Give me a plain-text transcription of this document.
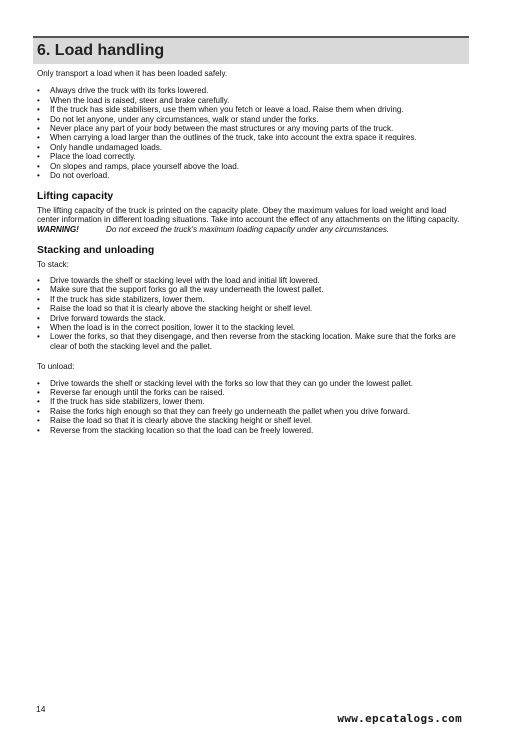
6. Load handling

Only transport a load when it has been loaded safely.

• Always drive the truck with its forks lowered.
• When the load is raised, steer and brake carefully.
• If the truck has side stabilisers, use them when you fetch or leave a load. Raise them when driving.
• Do not let anyone, under any circumstances, walk or stand under the forks.
• Never place any part of your body between the mast structures or any moving parts of the truck.
• When carrying a load larger than the outlines of the truck, take into account the extra space it requires.
• Only handle undamaged loads.
• Place the load correctly.
• On slopes and ramps, place yourself above the load.
• Do not overload.
Lifting capacity

The lifting capacity of the truck is printed on the capacity plate. Obey the maximum values for load weight and load center information in different loading situations. Take into account the effect of any attachments on the lifting capacity.

WARNING!	Do not exceed the truck's maximum loading capacity under any circumstances.
Stacking and unloading

To stack:

• Drive towards the shelf or stacking level with the load and initial lift lowered.
• Make sure that the support forks go all the way underneath the lowest pallet.
• If the truck has side stabilizers, lower them.
• Raise the load so that it is clearly above the stacking height or shelf level.
• Drive forward towards the stack.
• When the load is in the correct position, lower it to the stacking level.
• Lower the forks, so that they disengage, and then reverse from the stacking location. Make sure that the forks are clear of both the stacking level and the pallet.

To unload:

• Drive towards the shelf or stacking level with the forks so low that they can go under the lowest pallet.
• Reverse far enough until the forks can be raised.
• If the truck has side stabilizers, lower them.
• Raise the forks high enough so that they can freely go underneath the pallet when you drive forward.
• Raise the load so that it is clearly above the stacking height or shelf level.
• Reverse from the stacking location so that the load can be freely lowered.
14
www.epcatalogs.com
